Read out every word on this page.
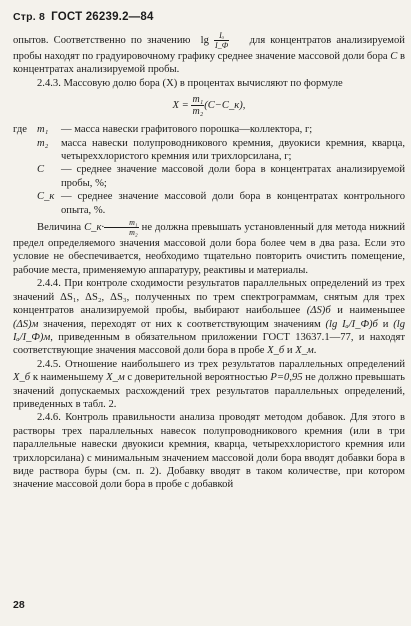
Стр. 8 ГОСТ 26239.2—84

опытов. Соответственно по значению $\lg \frac{\text{Iₐ}}{I\_Ф}$ для концентратов анализируемой пробы находят по градуировочному графику среднее значение массовой доли бора C в концентратах анализируемой пробы.

2.4.3. Массовую долю бора (X) в процентах вычисляют по формуле

$X = \frac{\text{m₁}}{\text{m₂}}$ (C−C_к),

где	m₁	— масса навески графитового порошка—коллектора, г;
	m₂	масса навески полупроводникового кремния, двуокиси кремния, кварца, четыреххлористого кремния или трихлорсилана, г;
	C	— среднее значение массовой доли бора в концентратах анализируемой пробы, %;
	C_к	— среднее значение массовой доли бора в концентратах контрольного опыта, %.

Величина C_к· $\frac{\text{m₁}}{\text{m₂}}$ не должна превышать установленный для метода нижний предел определяемого значения массовой доли бора более чем в два раза. Если это условие не обеспечивается, необходимо тщательно повторить очистить помещение, рабочие места, применяемую аппаратуру, реактивы и материалы.

2.4.4. При контроле сходимости результатов параллельных определений из трех значений ΔS₁, ΔS₂, ΔS₃, полученных по трем спектрограммам, снятым для трех концентратов анализируемой пробы, выбирают наибольшее (ΔS)б и наименьшее (ΔS)м значения, переходят от них к соответствующим значениям (lg Iₐ/I_Ф)б и (lg Iₐ/I_Ф)м, приведенным в обязательном приложении ГОСТ 13637.1—77, и находят соответствующие значения массовой доли бора в пробе X_б и X_м.

2.4.5. Отношение наибольшего из трех результатов параллельных определений X_б к наименьшему X_м с доверительной вероятностью P=0,95 не должно превышать значений допускаемых расхождений трех результатов параллельных определений, приведенных в табл. 2.

2.4.6. Контроль правильности анализа проводят методом добавок. Для этого в растворы трех параллельных навесок полупроводникового кремния (или в три параллельные навески двуокиси кремния, кварца, четыреххлористого кремния или трихлорсилана) с минимальным значением массовой доли бора вводят добавки бора в виде раствора буры (см. п. 2). Добавку вводят в таком количестве, при котором значение массовой доли бора в пробе с добавкой

28
